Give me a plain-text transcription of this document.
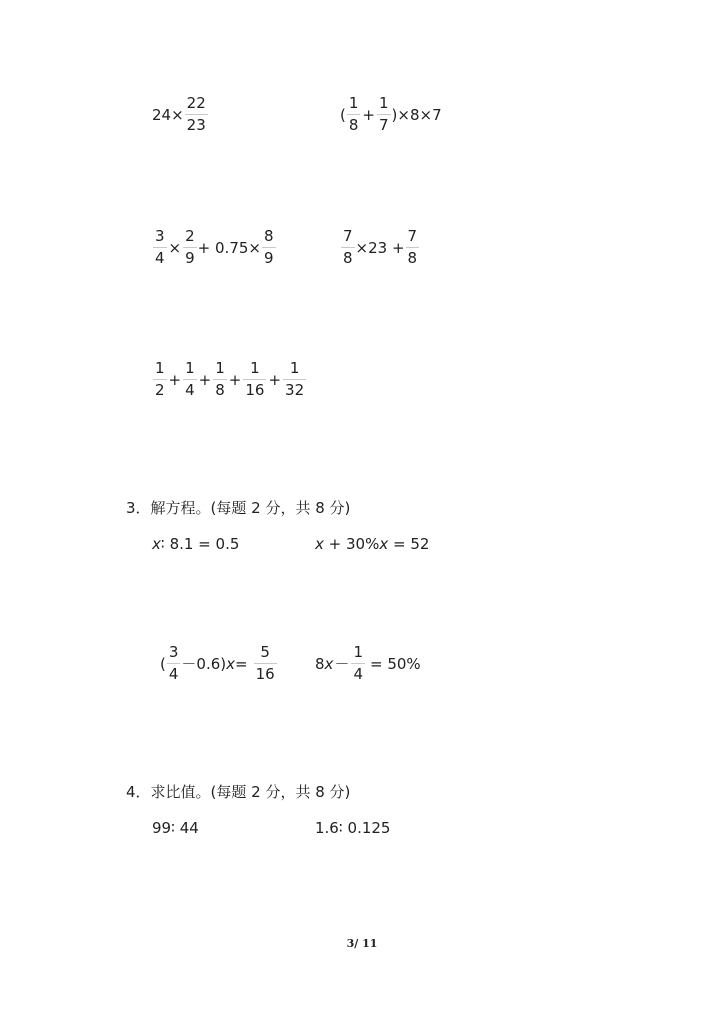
$24\times \frac{22}{23}$	( $\frac{1}{8} + \frac{1}{7} )\times 8\times 7$
$\frac{3}{4} \times \frac{2}{9} + 0.75\times \frac{8}{9}$	$\frac{7}{8} \times 23 + \frac{7}{8}$
$\frac{1}{2} + \frac{1}{4} + \frac{1}{8} + \frac{1}{16} + \frac{1}{32}$
3．解方程。(每题 2 分，共 8 分)
x∶ 8.1 = 0.5	x + 30%x = 52
( $\frac{3}{4} -0.6$) $x = \frac{5}{16}$	8 $x - \frac{1}{4} = 50\%$
4．求比值。(每题 2 分，共 8 分)
99∶ 44	1.6∶ 0.125
3/ 11
